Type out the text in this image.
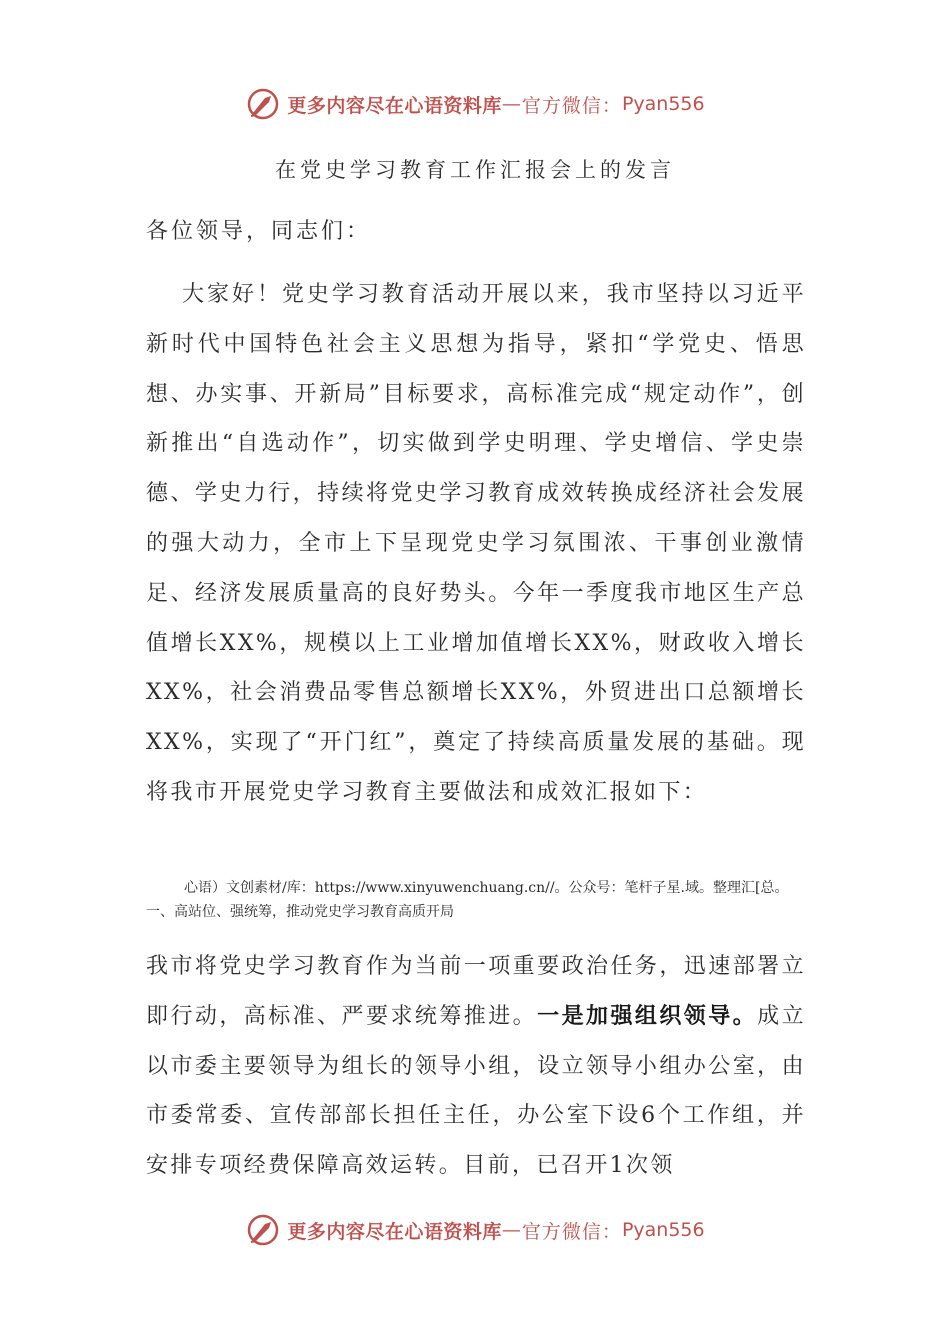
更多内容尽在心语资料库 — 官方微信： Pyan556
在党史学习教育工作汇报会上的发言

各位领导，同志们：

大家好！党史学习教育活动开展以来，我市坚持以习近平新时代中国特色社会主义思想为指导，紧扣“学党史、悟思想、办实事、开新局”目标要求，高标准完成“规定动作”，创新推出“自选动作”，切实做到学史明理、学史增信、学史崇德、学史力行，持续将党史学习教育成效转换成经济社会发展的强大动力，全市上下呈现党史学习氛围浓、干事创业激情足、经济发展质量高的良好势头。今年一季度我市地区生产总值增长XX%，规模以上工业增加值增长XX%，财政收入增长XX%，社会消费品零售总额增长XX%，外贸进出口总额增长XX%，实现了“开门红”，奠定了持续高质量发展的基础。现将我市开展党史学习教育主要做法和成效汇报如下：

心语）文创素材/库：https://www.xinyuwenchuang.cn//。公众号：笔杆子星.域。整理汇[总。一、高站位、强统筹，推动党史学习教育高质开局

我市将党史学习教育作为当前一项重要政治任务，迅速部署立即行动，高标准、严要求统筹推进。一是加强组织领导。成立以市委主要领导为组长的领导小组，设立领导小组办公室，由市委常委、宣传部部长担任主任，办公室下设6个工作组，并安排专项经费保障高效运转。目前，已召开1次领

更多内容尽在心语资料库 — 官方微信： Pyan556
